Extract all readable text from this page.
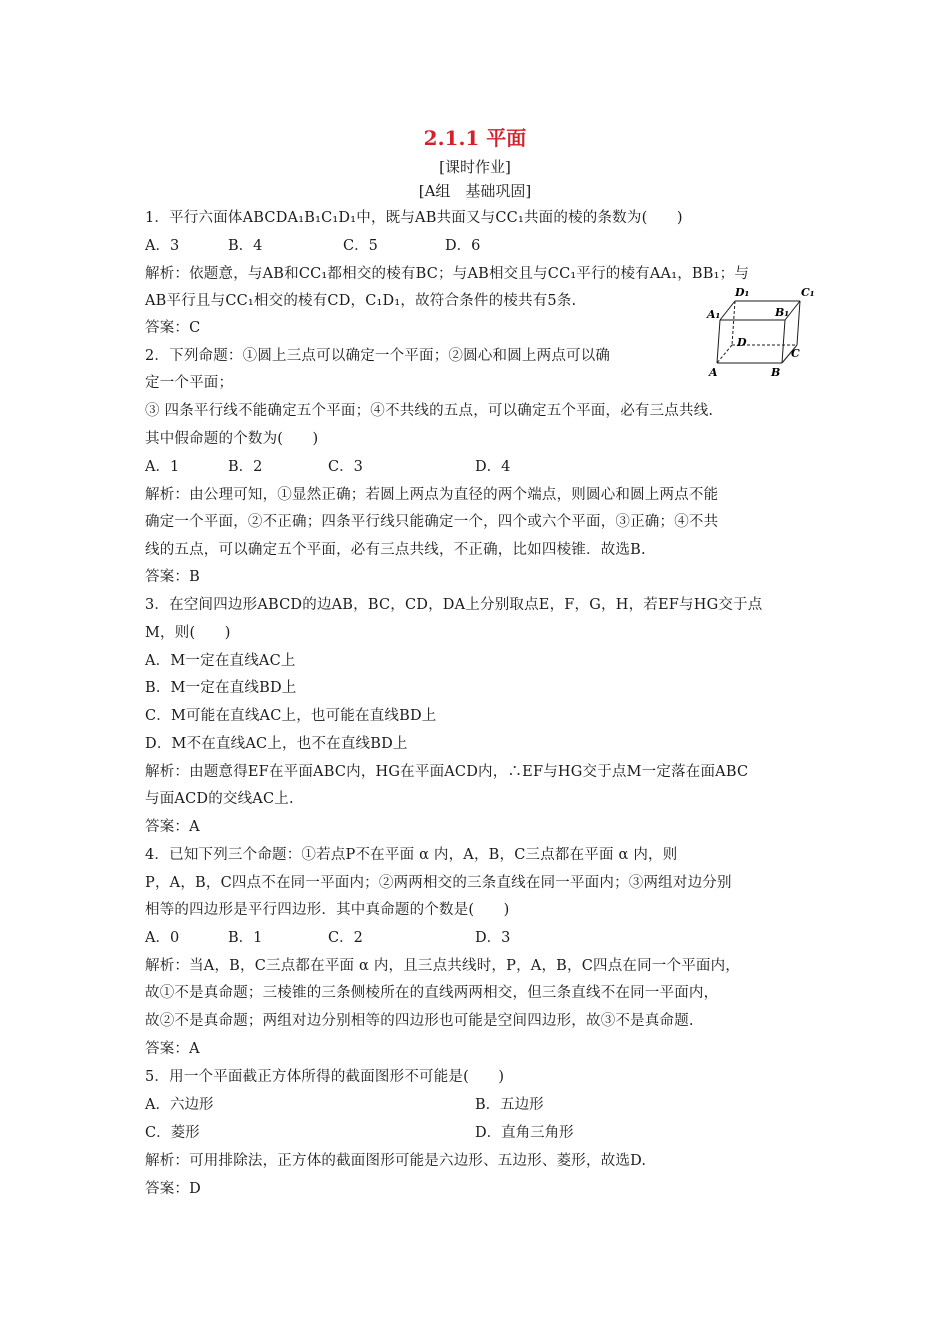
2.1.1 平面
[课时作业]
[A组　基础巩固]
1．平行六面体ABCDA₁B₁C₁D₁中，既与AB共面又与CC₁共面的棱的条数为(　　)
A．3	B．4	C．5	D．6
解析：依题意，与AB和CC₁都相交的棱有BC；与AB相交且与CC₁平行的棱有AA₁，BB₁；与
AB平行且与CC₁相交的棱有CD，C₁D₁，故符合条件的棱共有5条.
答案：C
D₁	C₁
A₁	B₁
D
C
A	B
2．下列命题：①圆上三点可以确定一个平面；②圆心和圆上两点可以确
定一个平面；
③ 四条平行线不能确定五个平面；④不共线的五点，可以确定五个平面，必有三点共线.
其中假命题的个数为(　　)
A．1	B．2	C．3	D．4
解析：由公理可知，①显然正确；若圆上两点为直径的两个端点，则圆心和圆上两点不能
确定一个平面，②不正确；四条平行线只能确定一个，四个或六个平面，③正确；④不共
线的五点，可以确定五个平面，必有三点共线，不正确，比如四棱锥．故选B.
答案：B
3．在空间四边形ABCD的边AB，BC，CD，DA上分别取点E，F，G，H，若EF与HG交于点
M，则(　　)
A．M一定在直线AC上
B．M一定在直线BD上
C．M可能在直线AC上，也可能在直线BD上
D．M不在直线AC上，也不在直线BD上
解析：由题意得EF在平面ABC内，HG在平面ACD内，∴EF与HG交于点M一定落在面ABC
与面ACD的交线AC上.
答案：A
4．已知下列三个命题：①若点P不在平面 α 内，A，B，C三点都在平面 α 内，则
P，A，B，C四点不在同一平面内；②两两相交的三条直线在同一平面内；③两组对边分别
相等的四边形是平行四边形．其中真命题的个数是(　　)
A．0	B．1	C．2	D．3
解析：当A，B，C三点都在平面 α 内，且三点共线时，P，A，B，C四点在同一个平面内，
故①不是真命题；三棱锥的三条侧棱所在的直线两两相交，但三条直线不在同一平面内，
故②不是真命题；两组对边分别相等的四边形也可能是空间四边形，故③不是真命题.
答案：A
5．用一个平面截正方体所得的截面图形不可能是(　　)
A．六边形	B．五边形
C．菱形	D．直角三角形
解析：可用排除法，正方体的截面图形可能是六边形、五边形、菱形，故选D.
答案：D
